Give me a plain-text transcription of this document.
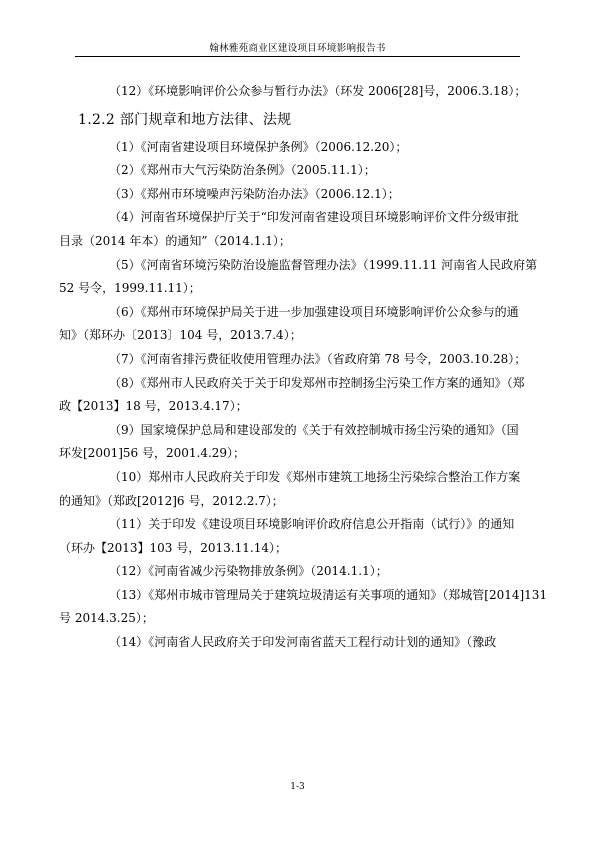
翰林雅苑商业区建设项目环境影响报告书

（12）《环境影响评价公众参与暂行办法》（环发 2006[28]号，2006.3.18）；

1.2.2 部门规章和地方法律、法规

（1）《河南省建设项目环境保护条例》（2006.12.20）；

（2）《郑州市大气污染防治条例》（2005.11.1）；

（3）《郑州市环境噪声污染防治办法》（2006.12.1）；

（4）河南省环境保护厅关于“印发河南省建设项目环境影响评价文件分级审批
目录（2014 年本）的通知”（2014.1.1）；

（5）《河南省环境污染防治设施监督管理办法》（1999.11.11 河南省人民政府第
52 号令，1999.11.11）；

（6）《郑州市环境保护局关于进一步加强建设项目环境影响评价公众参与的通
知》（郑环办〔2013〕104 号，2013.7.4）；

（7）《河南省排污费征收使用管理办法》（省政府第 78 号令，2003.10.28）；

（8）《郑州市人民政府关于关于印发郑州市控制扬尘污染工作方案的通知》（郑
政【2013】18 号，2013.4.17）；

（9）国家境保护总局和建设部发的《关于有效控制城市扬尘污染的通知》（国
环发[2001]56 号，2001.4.29）；

（10）郑州市人民政府关于印发《郑州市建筑工地扬尘污染综合整治工作方案
的通知》（郑政[2012]6 号，2012.2.7）；

（11）关于印发《建设项目环境影响评价政府信息公开指南（试行）》的通知
（环办【2013】103 号，2013.11.14）；

（12）《河南省减少污染物排放条例》（2014.1.1）；

（13）《郑州市城市管理局关于建筑垃圾清运有关事项的通知》（郑城管[2014]131
号 2014.3.25）；

（14）《河南省人民政府关于印发河南省蓝天工程行动计划的通知》（豫政

1-3
